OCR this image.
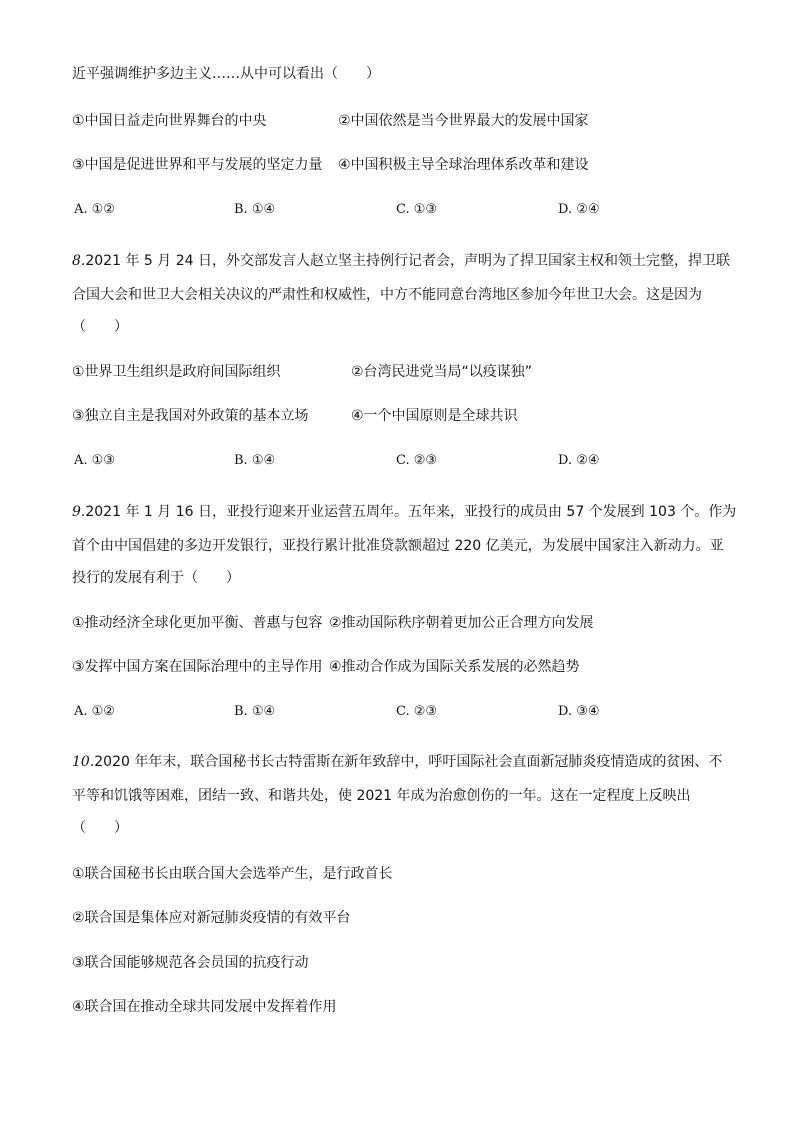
近平强调维护多边主义……从中可以看出（　　）
①中国日益走向世界舞台的中央	②中国依然是当今世界最大的发展中国家
③中国是促进世界和平与发展的坚定力量 ④中国积极主导全球治理体系改革和建设
A. ①②	B. ①④	C. ①③	D. ②④
8.2021 年 5 月 24 日，外交部发言人赵立坚主持例行记者会，声明为了捍卫国家主权和领土完整，捍卫联
合国大会和世卫大会相关决议的严肃性和权威性，中方不能同意台湾地区参加今年世卫大会。这是因为
（　　）
①世界卫生组织是政府间国际组织	②台湾民进党当局“以疫谋独”
③独立自主是我国对外政策的基本立场	④一个中国原则是全球共识
A. ①③	B. ①④	C. ②③	D. ②④
9.2021 年 1 月 16 日，亚投行迎来开业运营五周年。五年来，亚投行的成员由 57 个发展到 103 个。作为
首个由中国倡建的多边开发银行，亚投行累计批准贷款额超过 220 亿美元，为发展中国家注入新动力。亚
投行的发展有利于（　　）
①推动经济全球化更加平衡、普惠与包容 ②推动国际秩序朝着更加公正合理方向发展
③发挥中国方案在国际治理中的主导作用 ④推动合作成为国际关系发展的必然趋势
A. ①②	B. ①④	C. ②③	D. ③④
10.2020 年年末，联合国秘书长古特雷斯在新年致辞中，呼吁国际社会直面新冠肺炎疫情造成的贫困、不
平等和饥饿等困难，团结一致、和谐共处，使 2021 年成为治愈创伤的一年。这在一定程度上反映出
（　　）
①联合国秘书长由联合国大会选举产生，是行政首长
②联合国是集体应对新冠肺炎疫情的有效平台
③联合国能够规范各会员国的抗疫行动
④联合国在推动全球共同发展中发挥着作用
